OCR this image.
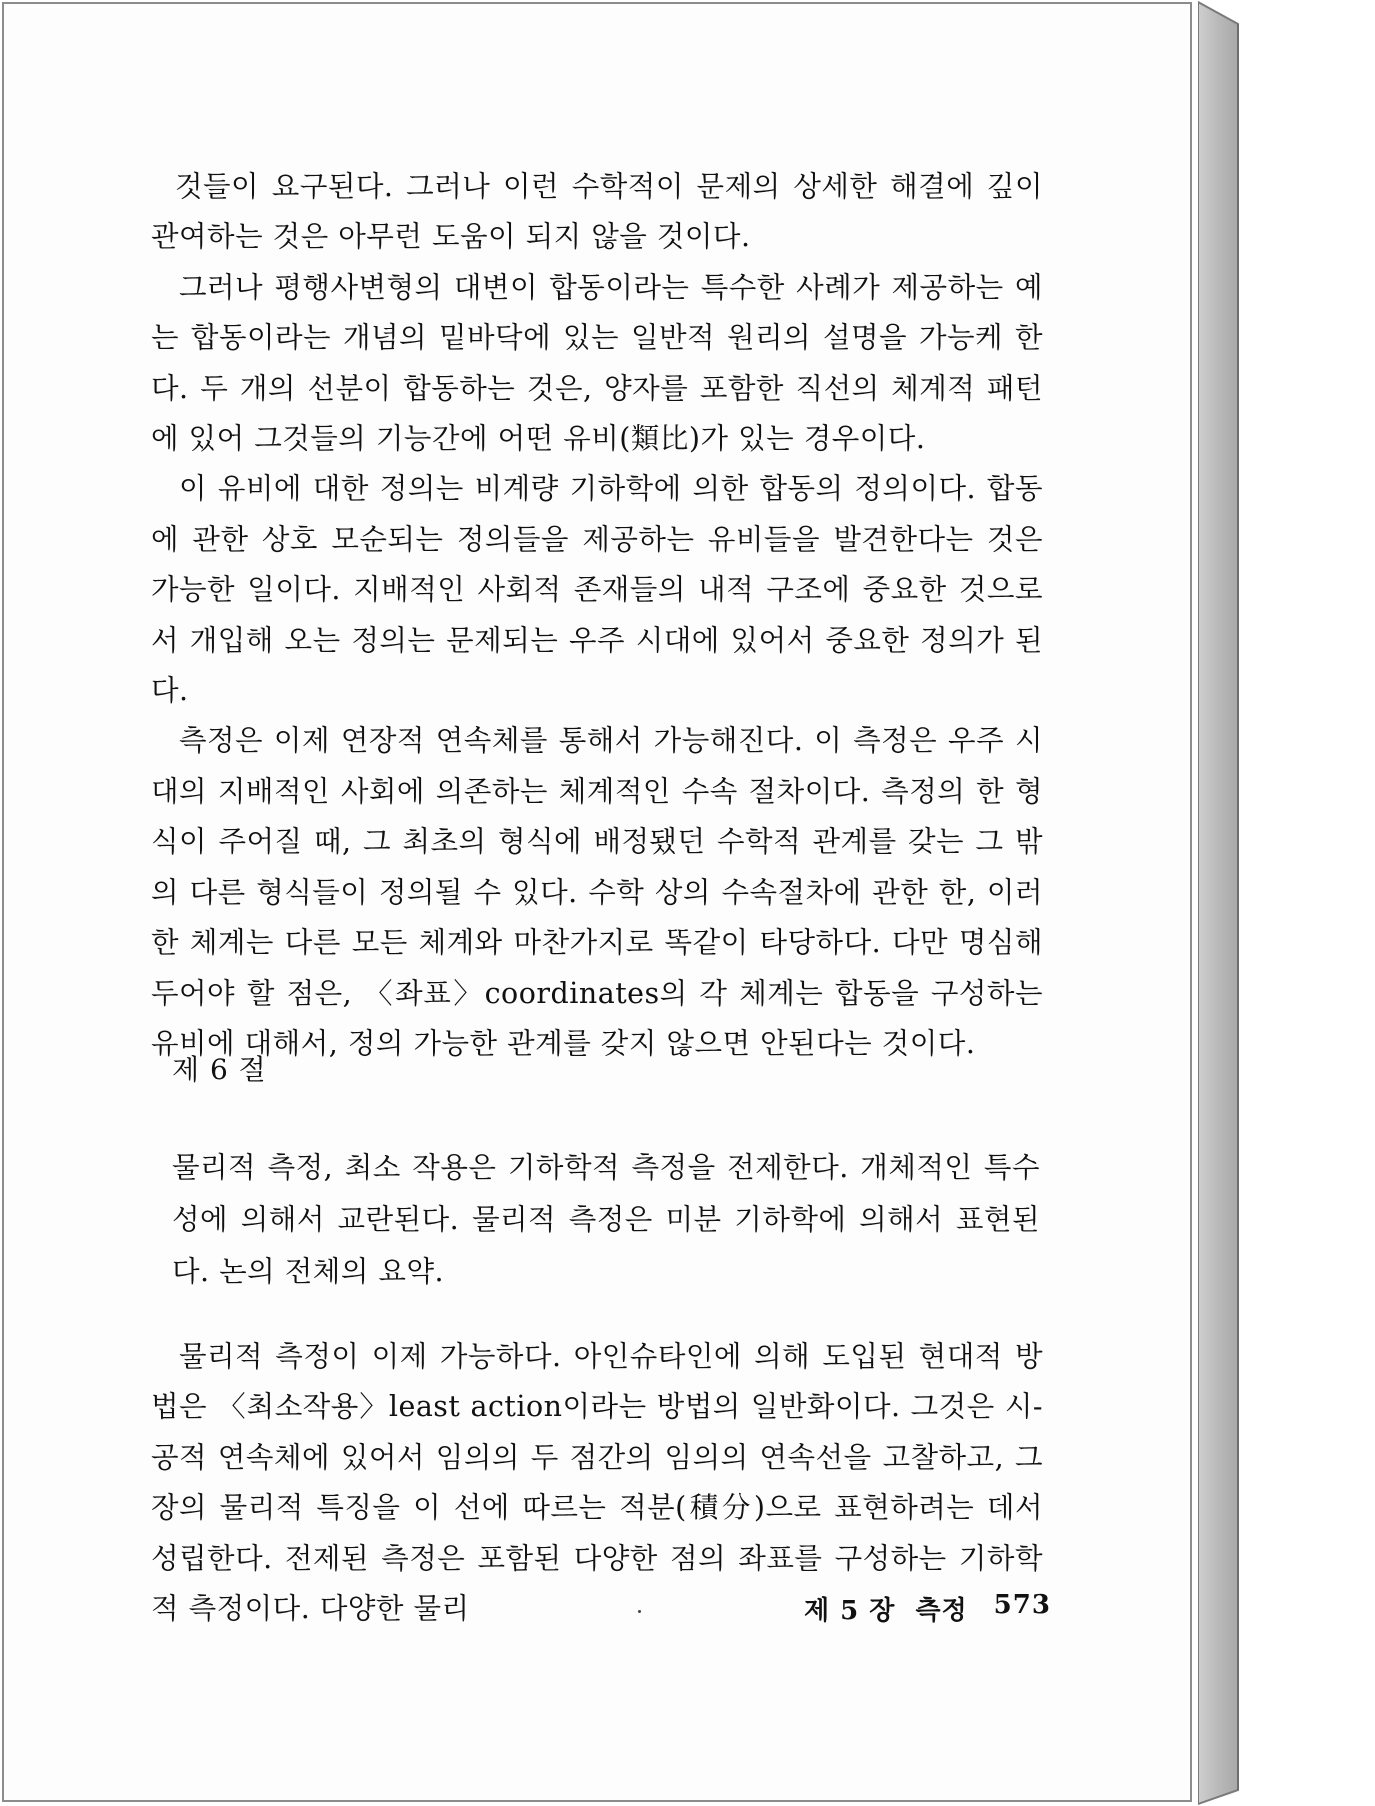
것들이 요구된다. 그러나 이런 수학적이 문제의 상세한 해결에 깊이 관여하는 것은 아무런 도움이 되지 않을 것이다.

그러나 평행사변형의 대변이 합동이라는 특수한 사례가 제공하는 예는 합동이라는 개념의 밑바닥에 있는 일반적 원리의 설명을 가능케 한다. 두 개의 선분이 합동하는 것은, 양자를 포함한 직선의 체계적 패턴에 있어 그것들의 기능간에 어떤 유비(類比)가 있는 경우이다.

이 유비에 대한 정의는 비계량 기하학에 의한 합동의 정의이다. 합동에 관한 상호 모순되는 정의들을 제공하는 유비들을 발견한다는 것은 가능한 일이다. 지배적인 사회적 존재들의 내적 구조에 중요한 것으로서 개입해 오는 정의는 문제되는 우주 시대에 있어서 중요한 정의가 된다.

측정은 이제 연장적 연속체를 통해서 가능해진다. 이 측정은 우주 시대의 지배적인 사회에 의존하는 체계적인 수속 절차이다. 측정의 한 형식이 주어질 때, 그 최초의 형식에 배정됐던 수학적 관계를 갖는 그 밖의 다른 형식들이 정의될 수 있다. 수학 상의 수속절차에 관한 한, 이러한 체계는 다른 모든 체계와 마찬가지로 똑같이 타당하다. 다만 명심해두어야 할 점은, 〈좌표〉coordinates의 각 체계는 합동을 구성하는 유비에 대해서, 정의 가능한 관계를 갖지 않으면 안된다는 것이다.

제 6 절
물리적 측정, 최소 작용은 기하학적 측정을 전제한다. 개체적인 특수성에 의해서 교란된다. 물리적 측정은 미분 기하학에 의해서 표현된다. 논의 전체의 요약.

물리적 측정이 이제 가능하다. 아인슈타인에 의해 도입된 현대적 방법은 〈최소작용〉least action이라는 방법의 일반화이다. 그것은 시-공적 연속체에 있어서 임의의 두 점간의 임의의 연속선을 고찰하고, 그 장의 물리적 특징을 이 선에 따르는 적분(積分)으로 표현하려는 데서 성립한다. 전제된 측정은 포함된 다양한 점의 좌표를 구성하는 기하학적 측정이다. 다양한 물리	제 5 장 측정 573
